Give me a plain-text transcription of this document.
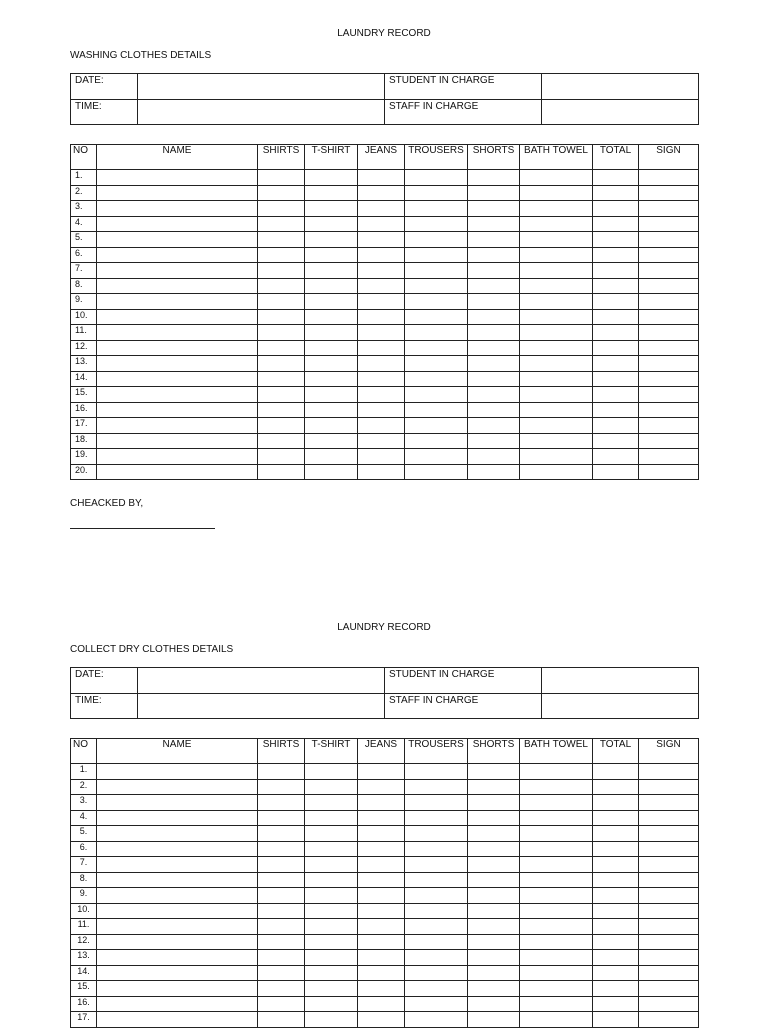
LAUNDRY RECORD
WASHING CLOTHES DETAILS
DATE:		STUDENT IN CHARGE	
TIME:		STAFF IN CHARGE	
NO	NAME	SHIRTS	T-SHIRT	JEANS	TROUSERS	SHORTS	BATH TOWEL	TOTAL	SIGN
1.									
2.									
3.									
4.									
5.									
6.									
7.									
8.									
9.									
10.									
11.									
12.									
13.									
14.									
15.									
16.									
17.									
18.									
19.									
20.									
CHEACKED BY,
LAUNDRY RECORD
COLLECT DRY CLOTHES DETAILS
DATE:		STUDENT IN CHARGE	
TIME:		STAFF IN CHARGE	
NO	NAME	SHIRTS	T-SHIRT	JEANS	TROUSERS	SHORTS	BATH TOWEL	TOTAL	SIGN
1.									
2.									
3.									
4.									
5.									
6.									
7.									
8.									
9.									
10.									
11.									
12.									
13.									
14.									
15.									
16.									
17.									
